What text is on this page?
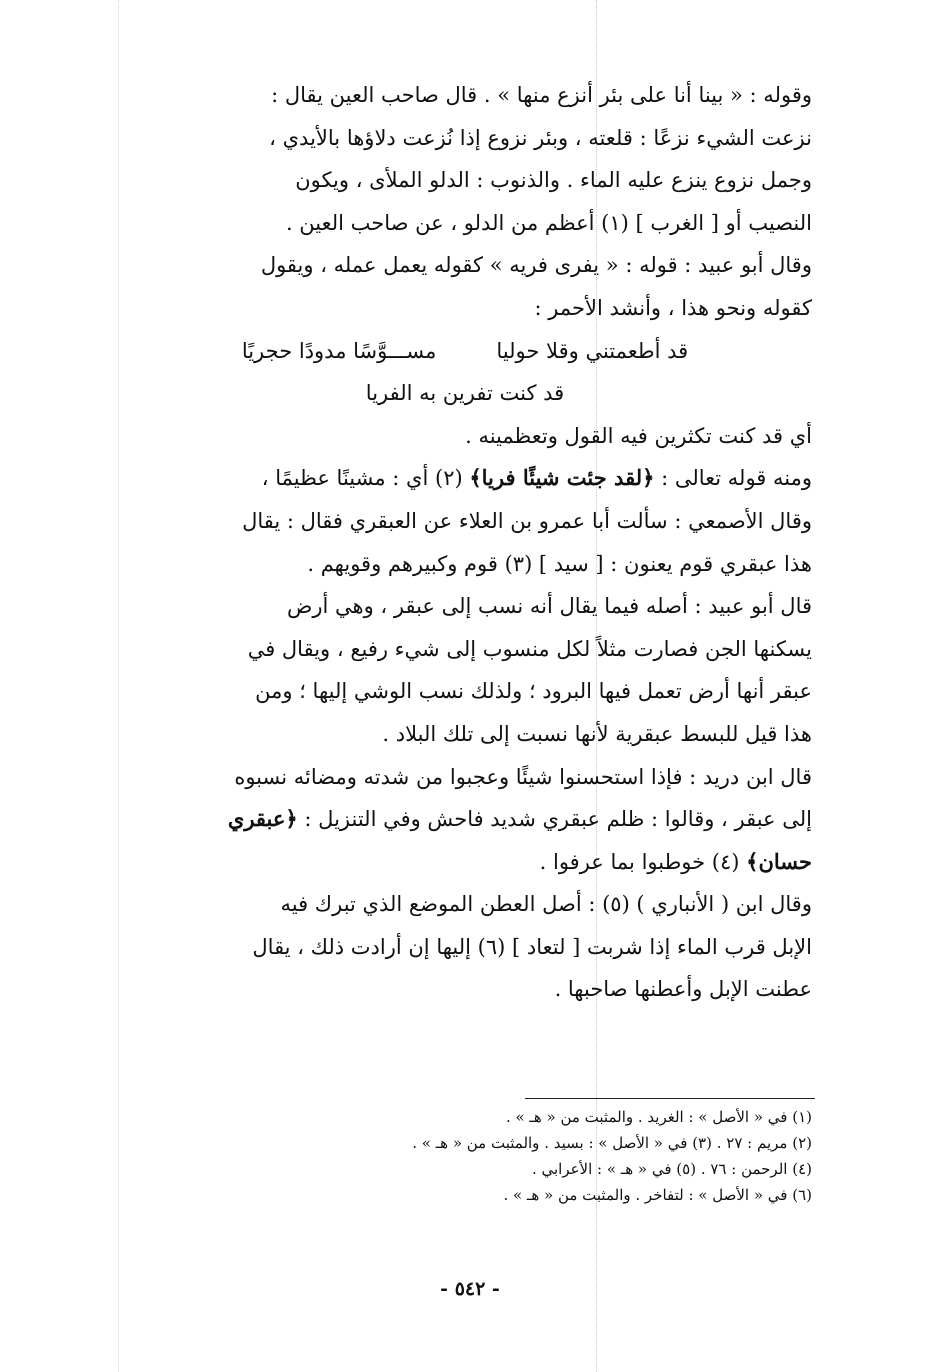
وقوله : « بينا أنا على بئر أنزع منها » . قال صاحب العين يقال :
نزعت الشيء نزعًا : قلعته ، وبئر نزوع إذا نُزعت دلاؤها بالأيدي ،
وجمل نزوع ينزع عليه الماء . والذنوب : الدلو الملأى ، ويكون
النصيب أو [ الغرب ] (١) أعظم من الدلو ، عن صاحب العين .

وقال أبو عبيد : قوله : « يفرى فريه » كقوله يعمل عمله ، ويقول
كقوله ونحو هذا ، وأنشد الأحمر :

قد أطعمتني وقلا حوليا
مســـوَّسًا مدودًا حجريًا
قد كنت تفرين به الفريا

أي قد كنت تكثرين فيه القول وتعظمينه .

ومنه قوله تعالى : ﴿لقد جئت شيئًا فريا﴾ (٢) أي : مشينًا عظيمًا ،
وقال الأصمعي : سألت أبا عمرو بن العلاء عن العبقري فقال : يقال
هذا عبقري قوم يعنون : [ سيد ] (٣) قوم وكبيرهم وقويهم .

قال أبو عبيد : أصله فيما يقال أنه نسب إلى عبقر ، وهي أرض
يسكنها الجن فصارت مثلاً لكل منسوب إلى شيء رفيع ، ويقال في
عبقر أنها أرض تعمل فيها البرود ؛ ولذلك نسب الوشي إليها ؛ ومن
هذا قيل للبسط عبقرية لأنها نسبت إلى تلك البلاد .

قال ابن دريد : فإذا استحسنوا شيئًا وعجبوا من شدته ومضائه نسبوه
إلى عبقر ، وقالوا : ظلم عبقري شديد فاحش وفي التنزيل : ﴿عبقري
حسان﴾ (٤) خوطبوا بما عرفوا .

وقال ابن ( الأنباري ) (٥) : أصل العطن الموضع الذي تبرك فيه
الإبل قرب الماء إذا شربت [ لتعاد ] (٦) إليها إن أرادت ذلك ، يقال
عطنت الإبل وأعطنها صاحبها .

(١) في « الأصل » : الغريد . والمثبت من « هـ » .
(٢) مريم : ٢٧ . (٣) في « الأصل » : بسيد . والمثبت من « هـ » .
(٤) الرحمن : ٧٦ . (٥) في « هـ » : الأعرابي .
(٦) في « الأصل » : لتفاخر . والمثبت من « هـ » .
- ٥٤٢ -
